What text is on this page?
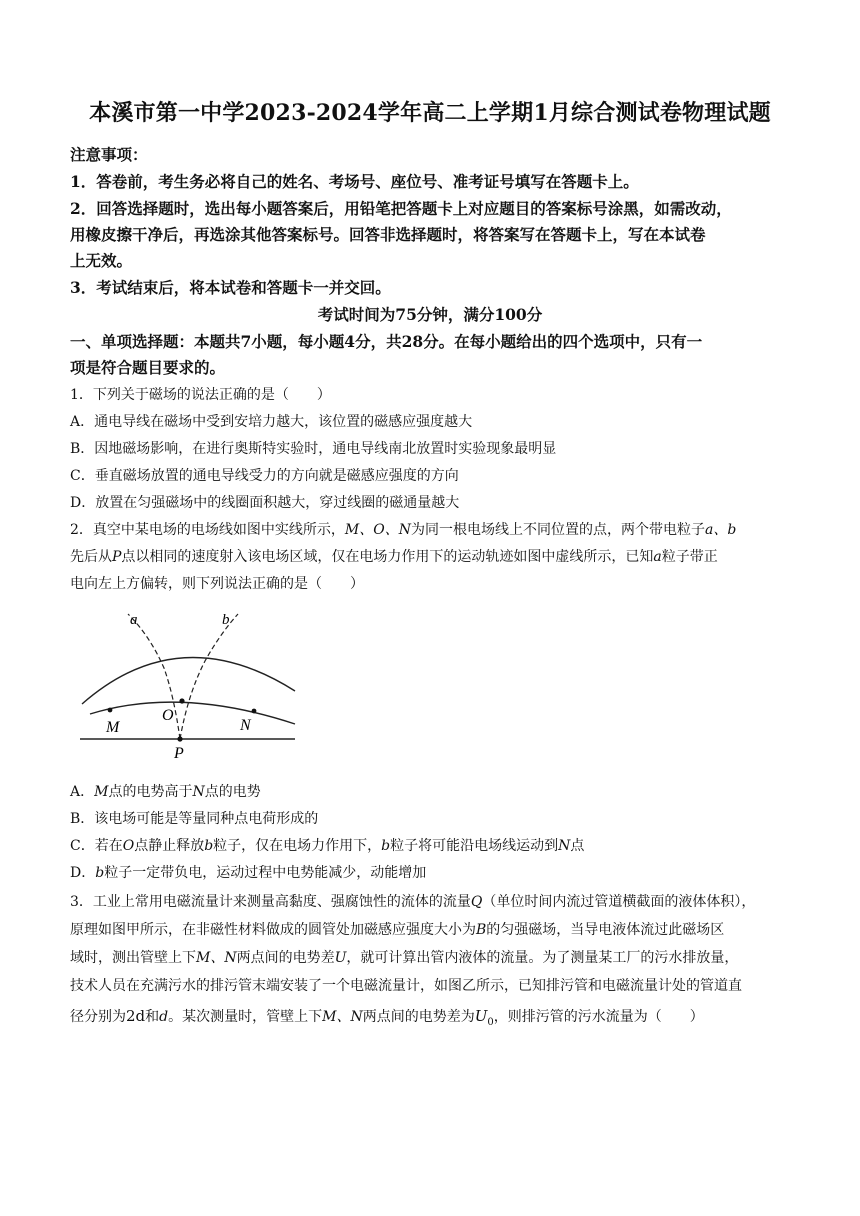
本溪市第一中学2023-2024学年高二上学期1月综合测试卷物理试题
注意事项：
1．答卷前，考生务必将自己的姓名、考场号、座位号、准考证号填写在答题卡上。
2．回答选择题时，选出每小题答案后，用铅笔把答题卡上对应题目的答案标号涂黑，如需改动，
用橡皮擦干净后，再选涂其他答案标号。回答非选择题时，将答案写在答题卡上，写在本试卷
上无效。
3．考试结束后，将本试卷和答题卡一并交回。
考试时间为75分钟，满分100分
一、单项选择题：本题共7小题，每小题4分，共28分。在每小题给出的四个选项中，只有一
项是符合题目要求的。
1．下列关于磁场的说法正确的是（　　）
A．通电导线在磁场中受到安培力越大，该位置的磁感应强度越大
B．因地磁场影响，在进行奥斯特实验时，通电导线南北放置时实验现象最明显
C．垂直磁场放置的通电导线受力的方向就是磁感应强度的方向
D．放置在匀强磁场中的线圈面积越大，穿过线圈的磁通量越大
2．真空中某电场的电场线如图中实线所示，M、O、N为同一根电场线上不同位置的点，两个带电粒子a、b
先后从P点以相同的速度射入该电场区域，仅在电场力作用下的运动轨迹如图中虚线所示，已知a粒子带正
电向左上方偏转，则下列说法正确的是（　　）
a	b
O
M	N
P
A．M点的电势高于N点的电势
B．该电场可能是等量同种点电荷形成的
C．若在O点静止释放b粒子，仅在电场力作用下，b粒子将可能沿电场线运动到N点
D．b粒子一定带负电，运动过程中电势能减少，动能增加
3．工业上常用电磁流量计来测量高黏度、强腐蚀性的流体的流量Q（单位时间内流过管道横截面的液体体积），
原理如图甲所示，在非磁性材料做成的圆管处加磁感应强度大小为B的匀强磁场，当导电液体流过此磁场区
域时，测出管壁上下M、N两点间的电势差U，就可计算出管内液体的流量。为了测量某工厂的污水排放量，
技术人员在充满污水的排污管末端安装了一个电磁流量计，如图乙所示，已知排污管和电磁流量计处的管道直
径分别为2d和d。某次测量时，管壁上下M、N两点间的电势差为$U_0$，则排污管的污水流量为（　　）
